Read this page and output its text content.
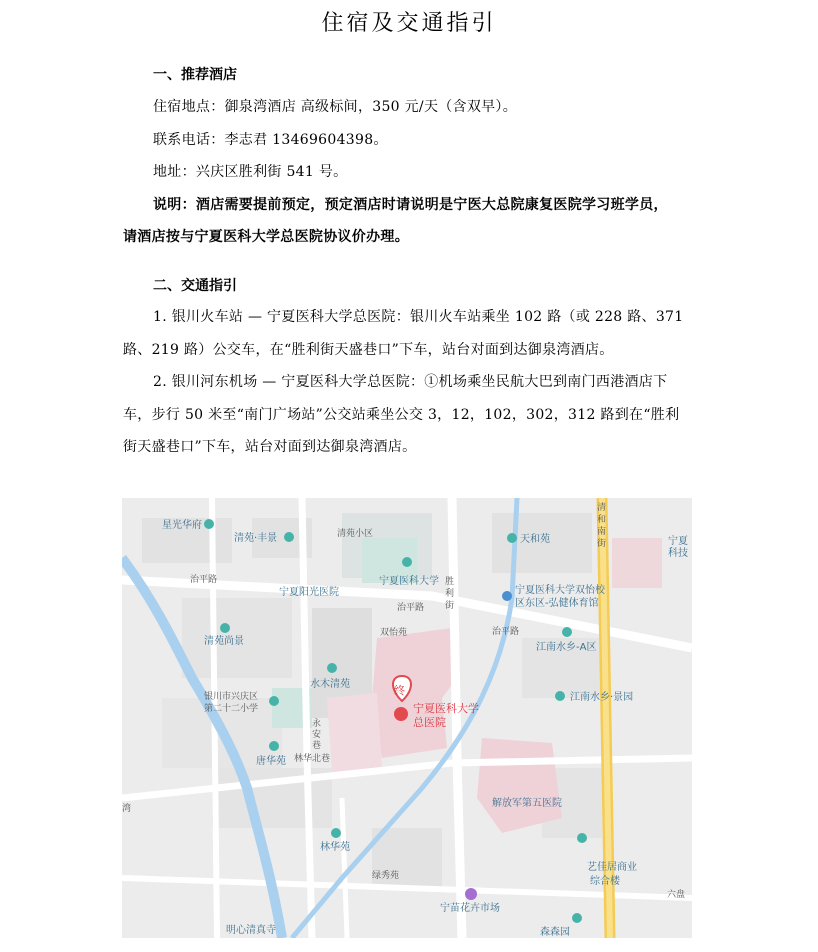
住宿及交通指引
一、推荐酒店
住宿地点：御泉湾酒店 高级标间，350 元/天（含双早）。
联系电话：李志君 13469604398。
地址：兴庆区胜利街 541 号。
说明：酒店需要提前预定，预定酒店时请说明是宁医大总院康复医院学习班学员，
请酒店按与宁夏医科大学总医院协议价办理。
二、交通指引
1. 银川火车站 — 宁夏医科大学总医院：银川火车站乘坐 102 路（或 228 路、371
路、219 路）公交车，在“胜利街天盛巷口”下车，站台对面到达御泉湾酒店。
2. 银川河东机场 — 宁夏医科大学总医院：①机场乘坐民航大巴到南门西港酒店下
车，步行 50 米至“南门广场站”公交站乘坐公交 3，12，102，302，312 路到在“胜利
街天盛巷口”下车，站台对面到达御泉湾酒店。
终
宁夏医科大学
总医院
星光华府
清苑·丰景	清苑小区	天和苑
清
和
南
街	宁夏
科技
治平路
宁夏阳光医院
宁夏医科大学 胜
利
街
宁夏医科大学双怡校
区东区-弘健体育馆
治平路
治平路
清苑尚景
双怡苑
江南水乡-A区
水木清苑
银川市兴庆区
第二十二小学
江南水乡·景园
永
安
巷
唐华苑 林华北巷
解放军第五医院
湾
林华苑
绿秀苑
艺佳居商业
综合楼
六盘
宁苗花卉市场
明心清真寺	森森园
